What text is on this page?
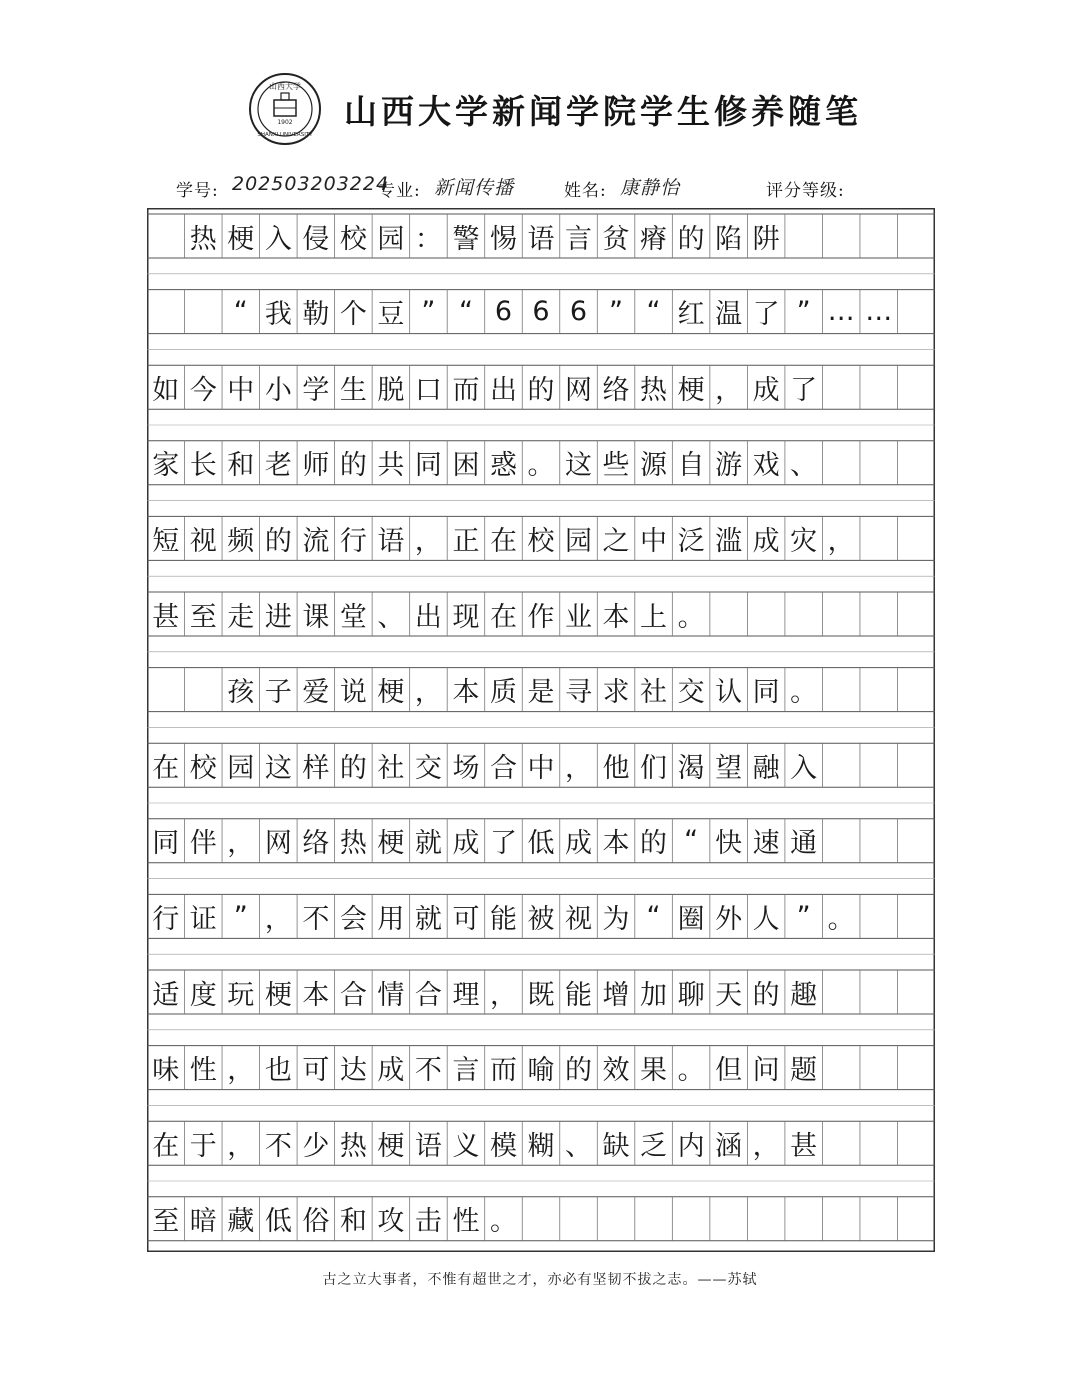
山西大学
1902
SHANXI UNIVERSITY
山西大学新闻学院学生修养随笔
学号: 202503203224
专业: 新闻传播	姓名: 康静怡	评分等级:
热 梗 入 侵 校 园 ： 警 惕 语 言 贫 瘠 的 陷 阱
“ 我 勒 个 豆 ” “ 6 6 6 ” “ 红 温 了 ” … …
如 今 中 小 学 生 脱 口 而 出 的 网 络 热 梗 ， 成 了
家 长 和 老 师 的 共 同 困 惑 。 这 些 源 自 游 戏 、
短 视 频 的 流 行 语 ， 正 在 校 园 之 中 泛 滥 成 灾 ，
甚 至 走 进 课 堂 、 出 现 在 作 业 本 上 。
孩 子 爱 说 梗 ， 本 质 是 寻 求 社 交 认 同 。
在 校 园 这 样 的 社 交 场 合 中 ， 他 们 渴 望 融 入
同 伴 ， 网 络 热 梗 就 成 了 低 成 本 的 “ 快 速 通
行 证 ” ， 不 会 用 就 可 能 被 视 为 “ 圈 外 人 ” 。
适 度 玩 梗 本 合 情 合 理 ， 既 能 增 加 聊 天 的 趣
味 性 ， 也 可 达 成 不 言 而 喻 的 效 果 。 但 问 题
在 于 ， 不 少 热 梗 语 义 模 糊 、 缺 乏 内 涵 ， 甚
至 暗 藏 低 俗 和 攻 击 性 。
古之立大事者，不惟有超世之才，亦必有坚韧不拔之志。——苏轼
